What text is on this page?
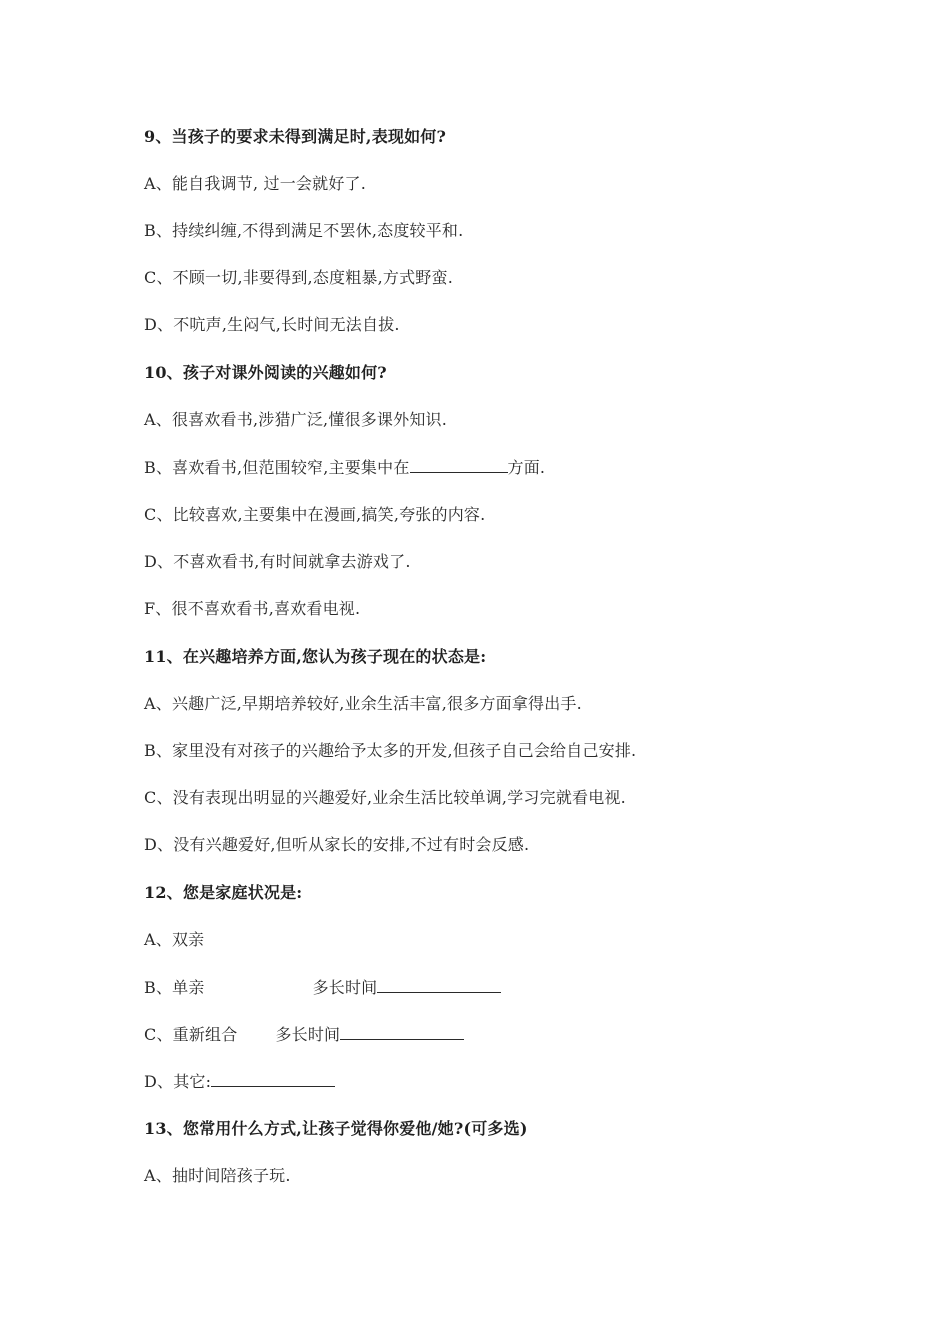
9、当孩子的要求未得到满足时,表现如何?
A、能自我调节, 过一会就好了.
B、持续纠缠,不得到满足不罢休,态度较平和.
C、不顾一切,非要得到,态度粗暴,方式野蛮.
D、不吭声,生闷气,长时间无法自拔.
10、孩子对课外阅读的兴趣如何?
A、很喜欢看书,涉猎广泛,懂很多课外知识.
B、喜欢看书,但范围较窄,主要集中在	方面.
C、比较喜欢,主要集中在漫画,搞笑,夸张的内容.
D、不喜欢看书,有时间就拿去游戏了.
F、很不喜欢看书,喜欢看电视.
11、在兴趣培养方面,您认为孩子现在的状态是:
A、兴趣广泛,早期培养较好,业余生活丰富,很多方面拿得出手.
B、家里没有对孩子的兴趣给予太多的开发,但孩子自己会给自己安排.
C、没有表现出明显的兴趣爱好,业余生活比较单调,学习完就看电视.
D、没有兴趣爱好,但听从家长的安排,不过有时会反感.
12、您是家庭状况是:
A、双亲
B、单亲	多长时间
C、重新组合 多长时间
D、其它:
13、您常用什么方式,让孩子觉得你爱他/她?(可多选)
A、抽时间陪孩子玩.
